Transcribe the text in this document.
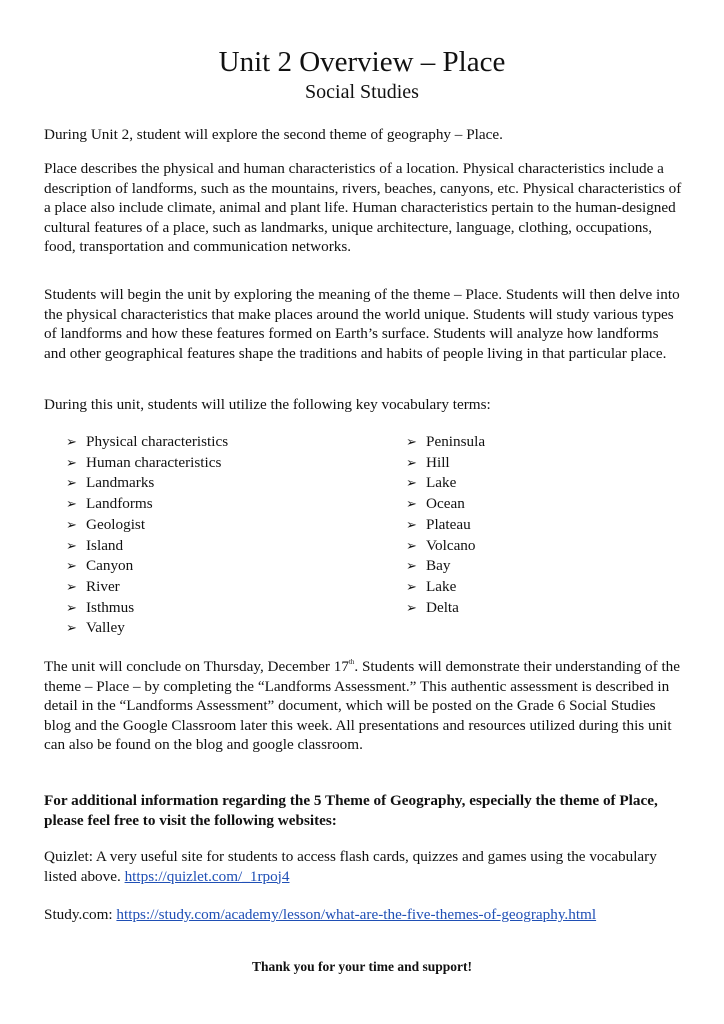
Unit 2 Overview – Place
Social Studies

During Unit 2, student will explore the second theme of geography – Place.

Place describes the physical and human characteristics of a location. Physical characteristics include a description of landforms, such as the mountains, rivers, beaches, canyons, etc. Physical characteristics of a place also include climate, animal and plant life. Human characteristics pertain to the human-designed cultural features of a place, such as landmarks, unique architecture, language, clothing, occupations, food, transportation and communication networks.

Students will begin the unit by exploring the meaning of the theme – Place. Students will then delve into the physical characteristics that make places around the world unique. Students will study various types of landforms and how these features formed on Earth’s surface. Students will analyze how landforms and other geographical features shape the traditions and habits of people living in that particular place.

During this unit, students will utilize the following key vocabulary terms:

➢ Physical characteristics
➢ Human characteristics
➢ Landmarks
➢ Landforms
➢ Geologist
➢ Island
➢ Canyon
➢ River
➢ Isthmus
➢ Valley
➢ Peninsula
➢ Hill
➢ Lake
➢ Ocean
➢ Plateau
➢ Volcano
➢ Bay
➢ Lake
➢ Delta

The unit will conclude on Thursday, December 17th. Students will demonstrate their understanding of the theme – Place – by completing the “Landforms Assessment.” This authentic assessment is described in detail in the “Landforms Assessment” document, which will be posted on the Grade 6 Social Studies blog and the Google Classroom later this week. All presentations and resources utilized during this unit can also be found on the blog and google classroom.

For additional information regarding the 5 Theme of Geography, especially the theme of Place, please feel free to visit the following websites:

Quizlet: A very useful site for students to access flash cards, quizzes and games using the vocabulary listed above. https://quizlet.com/_1rpoj4

Study.com: https://study.com/academy/lesson/what-are-the-five-themes-of-geography.html

Thank you for your time and support!
